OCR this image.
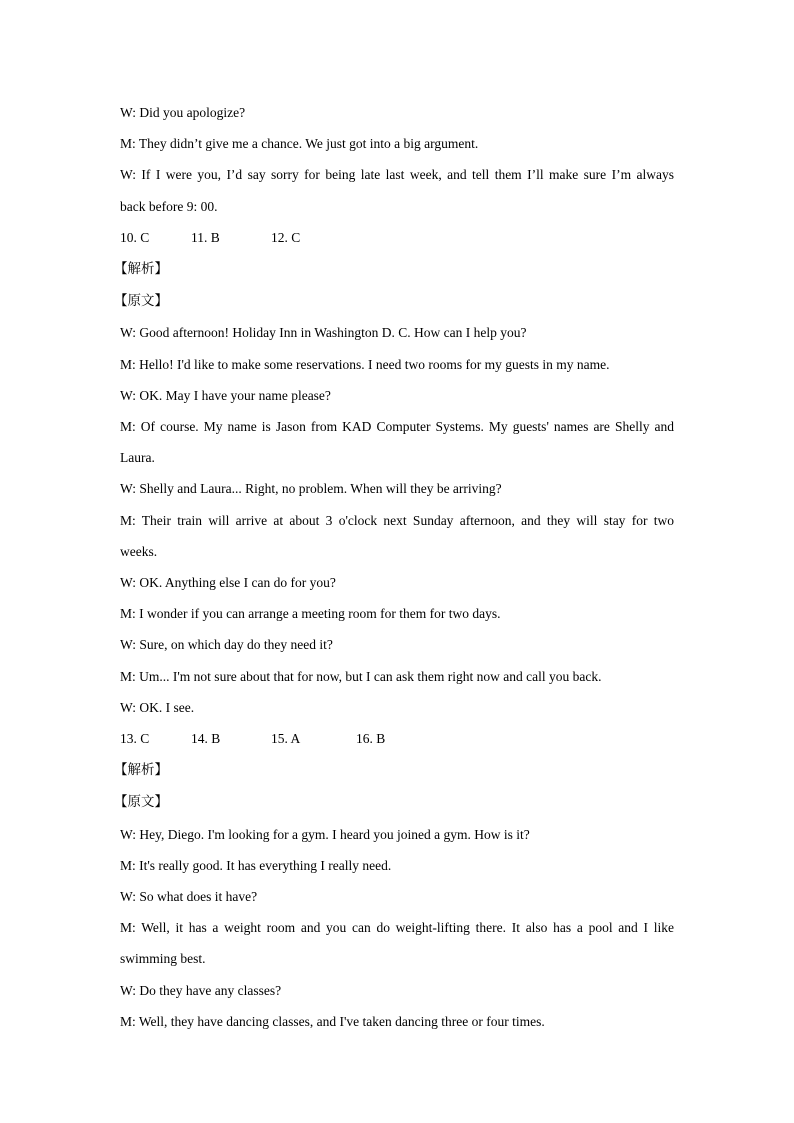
W: Did you apologize?

M: They didn’t give me a chance. We just got into a big argument.

W: If I were you, I’d say sorry for being late last week, and tell them I’ll make sure I’m always

back before 9: 00.

10. C	11. B	12. C

【解析】

【原文】

W: Good afternoon! Holiday Inn in Washington D. C. How can I help you?

M: Hello! I'd like to make some reservations. I need two rooms for my guests in my name.

W: OK. May I have your name please?

M: Of course. My name is Jason from KAD Computer Systems. My guests' names are Shelly and

Laura.

W: Shelly and Laura... Right, no problem. When will they be arriving?

M: Their train will arrive at about 3 o'clock next Sunday afternoon, and they will stay for two

weeks.

W: OK. Anything else I can do for you?

M: I wonder if you can arrange a meeting room for them for two days.

W: Sure, on which day do they need it?

M: Um... I'm not sure about that for now, but I can ask them right now and call you back.

W: OK. I see.

13. C	14. B	15. A	16. B

【解析】

【原文】

W: Hey, Diego. I'm looking for a gym. I heard you joined a gym. How is it?

M: It's really good. It has everything I really need.

W: So what does it have?

M: Well, it has a weight room and you can do weight-lifting there. It also has a pool and I like

swimming best.

W: Do they have any classes?

M: Well, they have dancing classes, and I've taken dancing three or four times.
